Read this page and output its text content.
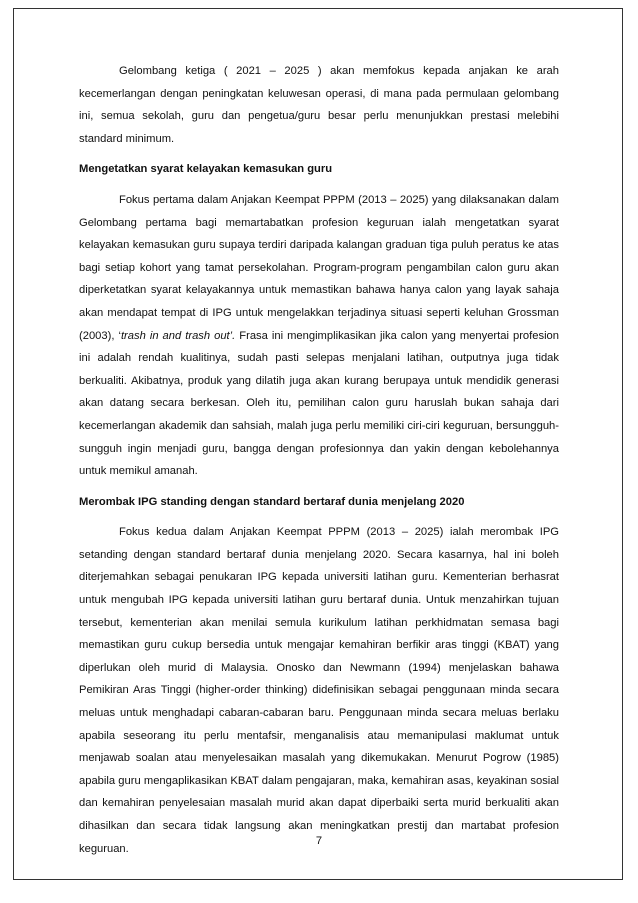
Gelombang ketiga ( 2021 – 2025 ) akan memfokus kepada anjakan ke arah kecemerlangan dengan peningkatan keluwesan operasi, di mana pada permulaan gelombang ini, semua sekolah, guru dan pengetua/guru besar perlu menunjukkan prestasi melebihi standard minimum.

Mengetatkan syarat kelayakan kemasukan guru

Fokus pertama dalam Anjakan Keempat PPPM (2013 – 2025) yang dilaksanakan dalam Gelombang pertama bagi memartabatkan profesion keguruan ialah mengetatkan syarat kelayakan kemasukan guru supaya terdiri daripada kalangan graduan tiga puluh peratus ke atas bagi setiap kohort yang tamat persekolahan. Program-program pengambilan calon guru akan diperketatkan syarat kelayakannya untuk memastikan bahawa hanya calon yang layak sahaja akan mendapat tempat di IPG untuk mengelakkan terjadinya situasi seperti keluhan Grossman (2003), ‘trash in and trash out’. Frasa ini mengimplikasikan jika calon yang menyertai profesion ini adalah rendah kualitinya, sudah pasti selepas menjalani latihan, outputnya juga tidak berkualiti. Akibatnya, produk yang dilatih juga akan kurang berupaya untuk mendidik generasi akan datang secara berkesan. Oleh itu, pemilihan calon guru haruslah bukan sahaja dari kecemerlangan akademik dan sahsiah, malah juga perlu memiliki ciri-ciri keguruan, bersungguh-sungguh ingin menjadi guru, bangga dengan profesionnya dan yakin dengan kebolehannya untuk memikul amanah.

Merombak IPG standing dengan standard bertaraf dunia menjelang 2020

Fokus kedua dalam Anjakan Keempat PPPM (2013 – 2025) ialah merombak IPG setanding dengan standard bertaraf dunia menjelang 2020. Secara kasarnya, hal ini boleh diterjemahkan sebagai penukaran IPG kepada universiti latihan guru. Kementerian berhasrat untuk mengubah IPG kepada universiti latihan guru bertaraf dunia. Untuk menzahirkan tujuan tersebut, kementerian akan menilai semula kurikulum latihan perkhidmatan semasa bagi memastikan guru cukup bersedia untuk mengajar kemahiran berfikir aras tinggi (KBAT) yang diperlukan oleh murid di Malaysia. Onosko dan Newmann (1994) menjelaskan bahawa Pemikiran Aras Tinggi (higher-order thinking) didefinisikan sebagai penggunaan minda secara meluas untuk menghadapi cabaran-cabaran baru. Penggunaan minda secara meluas berlaku apabila seseorang itu perlu mentafsir, menganalisis atau memanipulasi maklumat untuk menjawab soalan atau menyelesaikan masalah yang dikemukakan. Menurut Pogrow (1985) apabila guru mengaplikasikan KBAT dalam pengajaran, maka, kemahiran asas, keyakinan sosial dan kemahiran penyelesaian masalah murid akan dapat diperbaiki serta murid berkualiti akan dihasilkan dan secara tidak langsung akan meningkatkan prestij dan martabat profesion keguruan.

7
